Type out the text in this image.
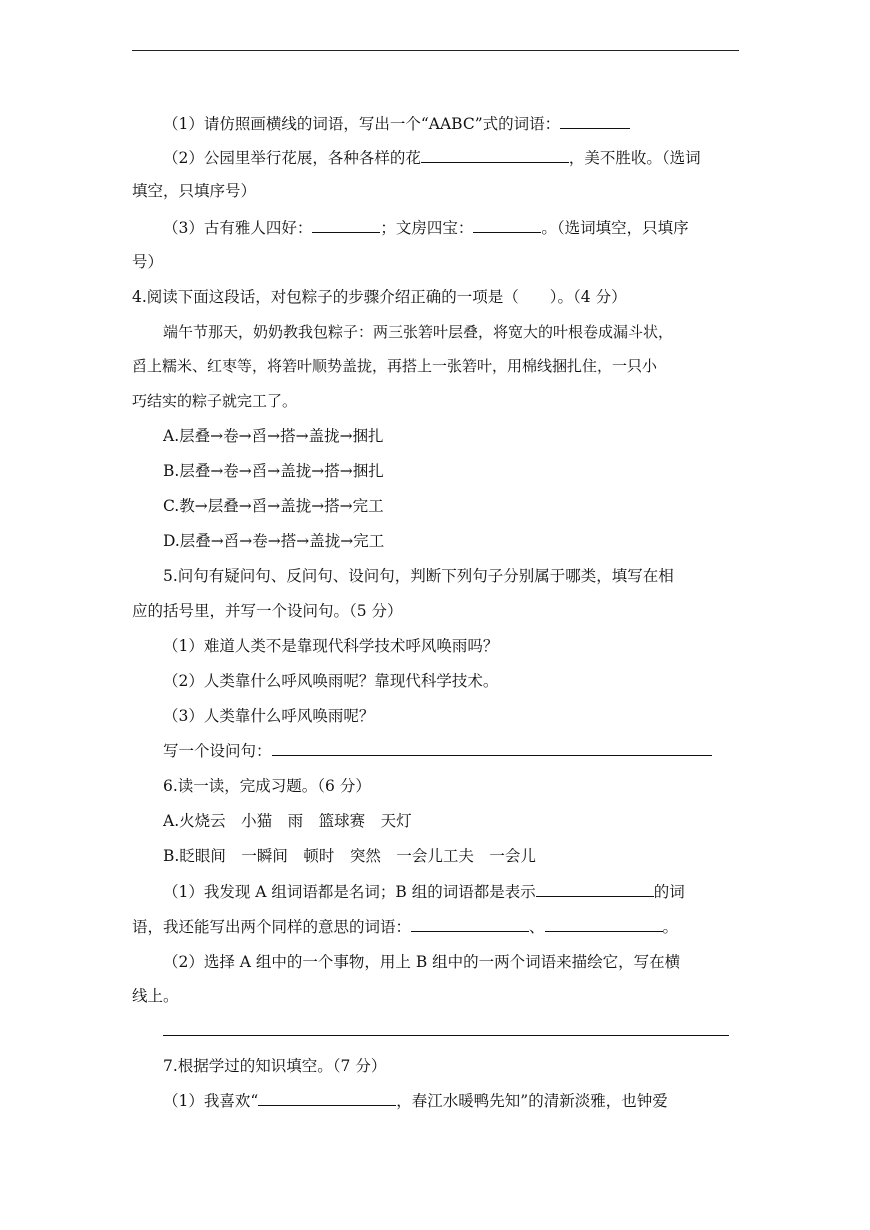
（1）请仿照画横线的词语，写出一个“AABC”式的词语：
（2）公园里举行花展，各种各样的花	，美不胜收。（选词
填空，只填序号）
（3）古有雅人四好：	；文房四宝：	。（选词填空，只填序
号）
4.阅读下面这段话，对包粽子的步骤介绍正确的一项是（　　）。（4 分）
端午节那天，奶奶教我包粽子：两三张箬叶层叠，将宽大的叶根卷成漏斗状，
舀上糯米、红枣等，将箬叶顺势盖拢，再搭上一张箬叶，用棉线捆扎住，一只小
巧结实的粽子就完工了。
A.层叠→卷→舀→搭→盖拢→捆扎
B.层叠→卷→舀→盖拢→搭→捆扎
C.教→层叠→舀→盖拢→搭→完工
D.层叠→舀→卷→搭→盖拢→完工
5.问句有疑问句、反问句、设问句，判断下列句子分别属于哪类，填写在相
应的括号里，并写一个设问句。（5 分）
（1）难道人类不是靠现代科学技术呼风唤雨吗？
（2）人类靠什么呼风唤雨呢？靠现代科学技术。
（3）人类靠什么呼风唤雨呢？
写一个设问句：
6.读一读，完成习题。（6 分）
A.火烧云　小猫　雨　篮球赛　天灯
B.眨眼间　一瞬间　顿时　突然　一会儿工夫　一会儿
（1）我发现 A 组词语都是名词；B 组的词语都是表示	的词
语，我还能写出两个同样的意思的词语：	、	。
（2）选择 A 组中的一个事物，用上 B 组中的一两个词语来描绘它，写在横
线上。
7.根据学过的知识填空。（7 分）
（1）我喜欢“	，春江水暖鸭先知”的清新淡雅，也钟爱
